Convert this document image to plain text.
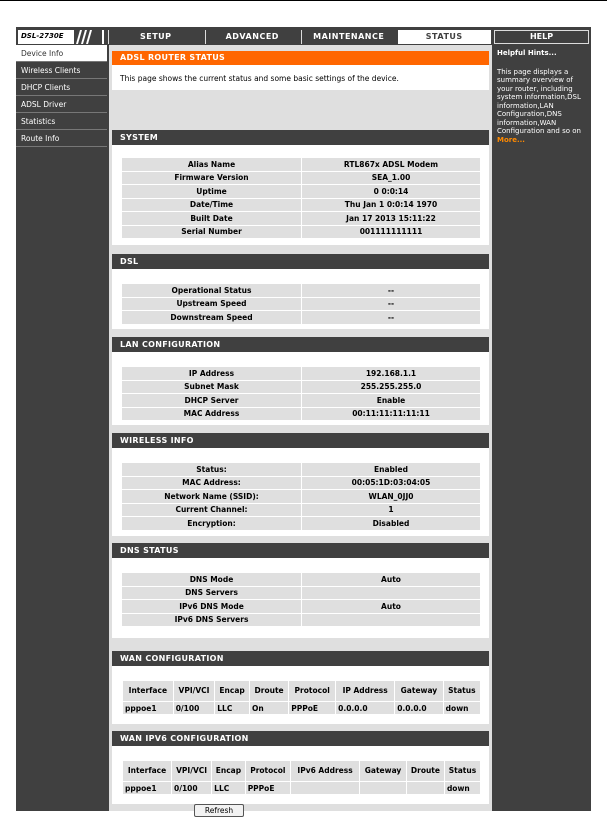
DSL-2730E	SETUP	ADVANCED	MAINTENANCE	STATUS	HELP
Device Info
Wireless Clients
DHCP Clients
ADSL Driver
Statistics
Route Info
Helpful Hints...
This page displays a summary overview of your router, including system information,DSL information,LAN Configuration,DNS information,WAN Configuration and so on
More...
ADSL ROUTER STATUS
This page shows the current status and some basic settings of the device.
SYSTEM
Alias Name	RTL867x ADSL Modem
Firmware Version	SEA_1.00
Uptime	0 0:0:14
Date/Time	Thu Jan 1 0:0:14 1970
Built Date	Jan 17 2013 15:11:22
Serial Number	001111111111
DSL
Operational Status	--
Upstream Speed	--
Downstream Speed	--
LAN CONFIGURATION
IP Address	192.168.1.1
Subnet Mask	255.255.255.0
DHCP Server	Enable
MAC Address	00:11:11:11:11:11
WIRELESS INFO
Status:	Enabled
MAC Address:	00:05:1D:03:04:05
Network Name (SSID):	WLAN_0JJ0
Current Channel:	1
Encryption:	Disabled
DNS STATUS
DNS Mode	Auto
DNS Servers	
IPv6 DNS Mode	Auto
IPv6 DNS Servers	
WAN CONFIGURATION
Interface	VPI/VCI	Encap	Droute	Protocol	IP Address	Gateway	Status
pppoe1	0/100	LLC	On	PPPoE	0.0.0.0	0.0.0.0	down
WAN IPV6 CONFIGURATION
Interface	VPI/VCI	Encap	Protocol	IPv6 Address	Gateway	Droute	Status
pppoe1	0/100	LLC	PPPoE				down
Refresh
